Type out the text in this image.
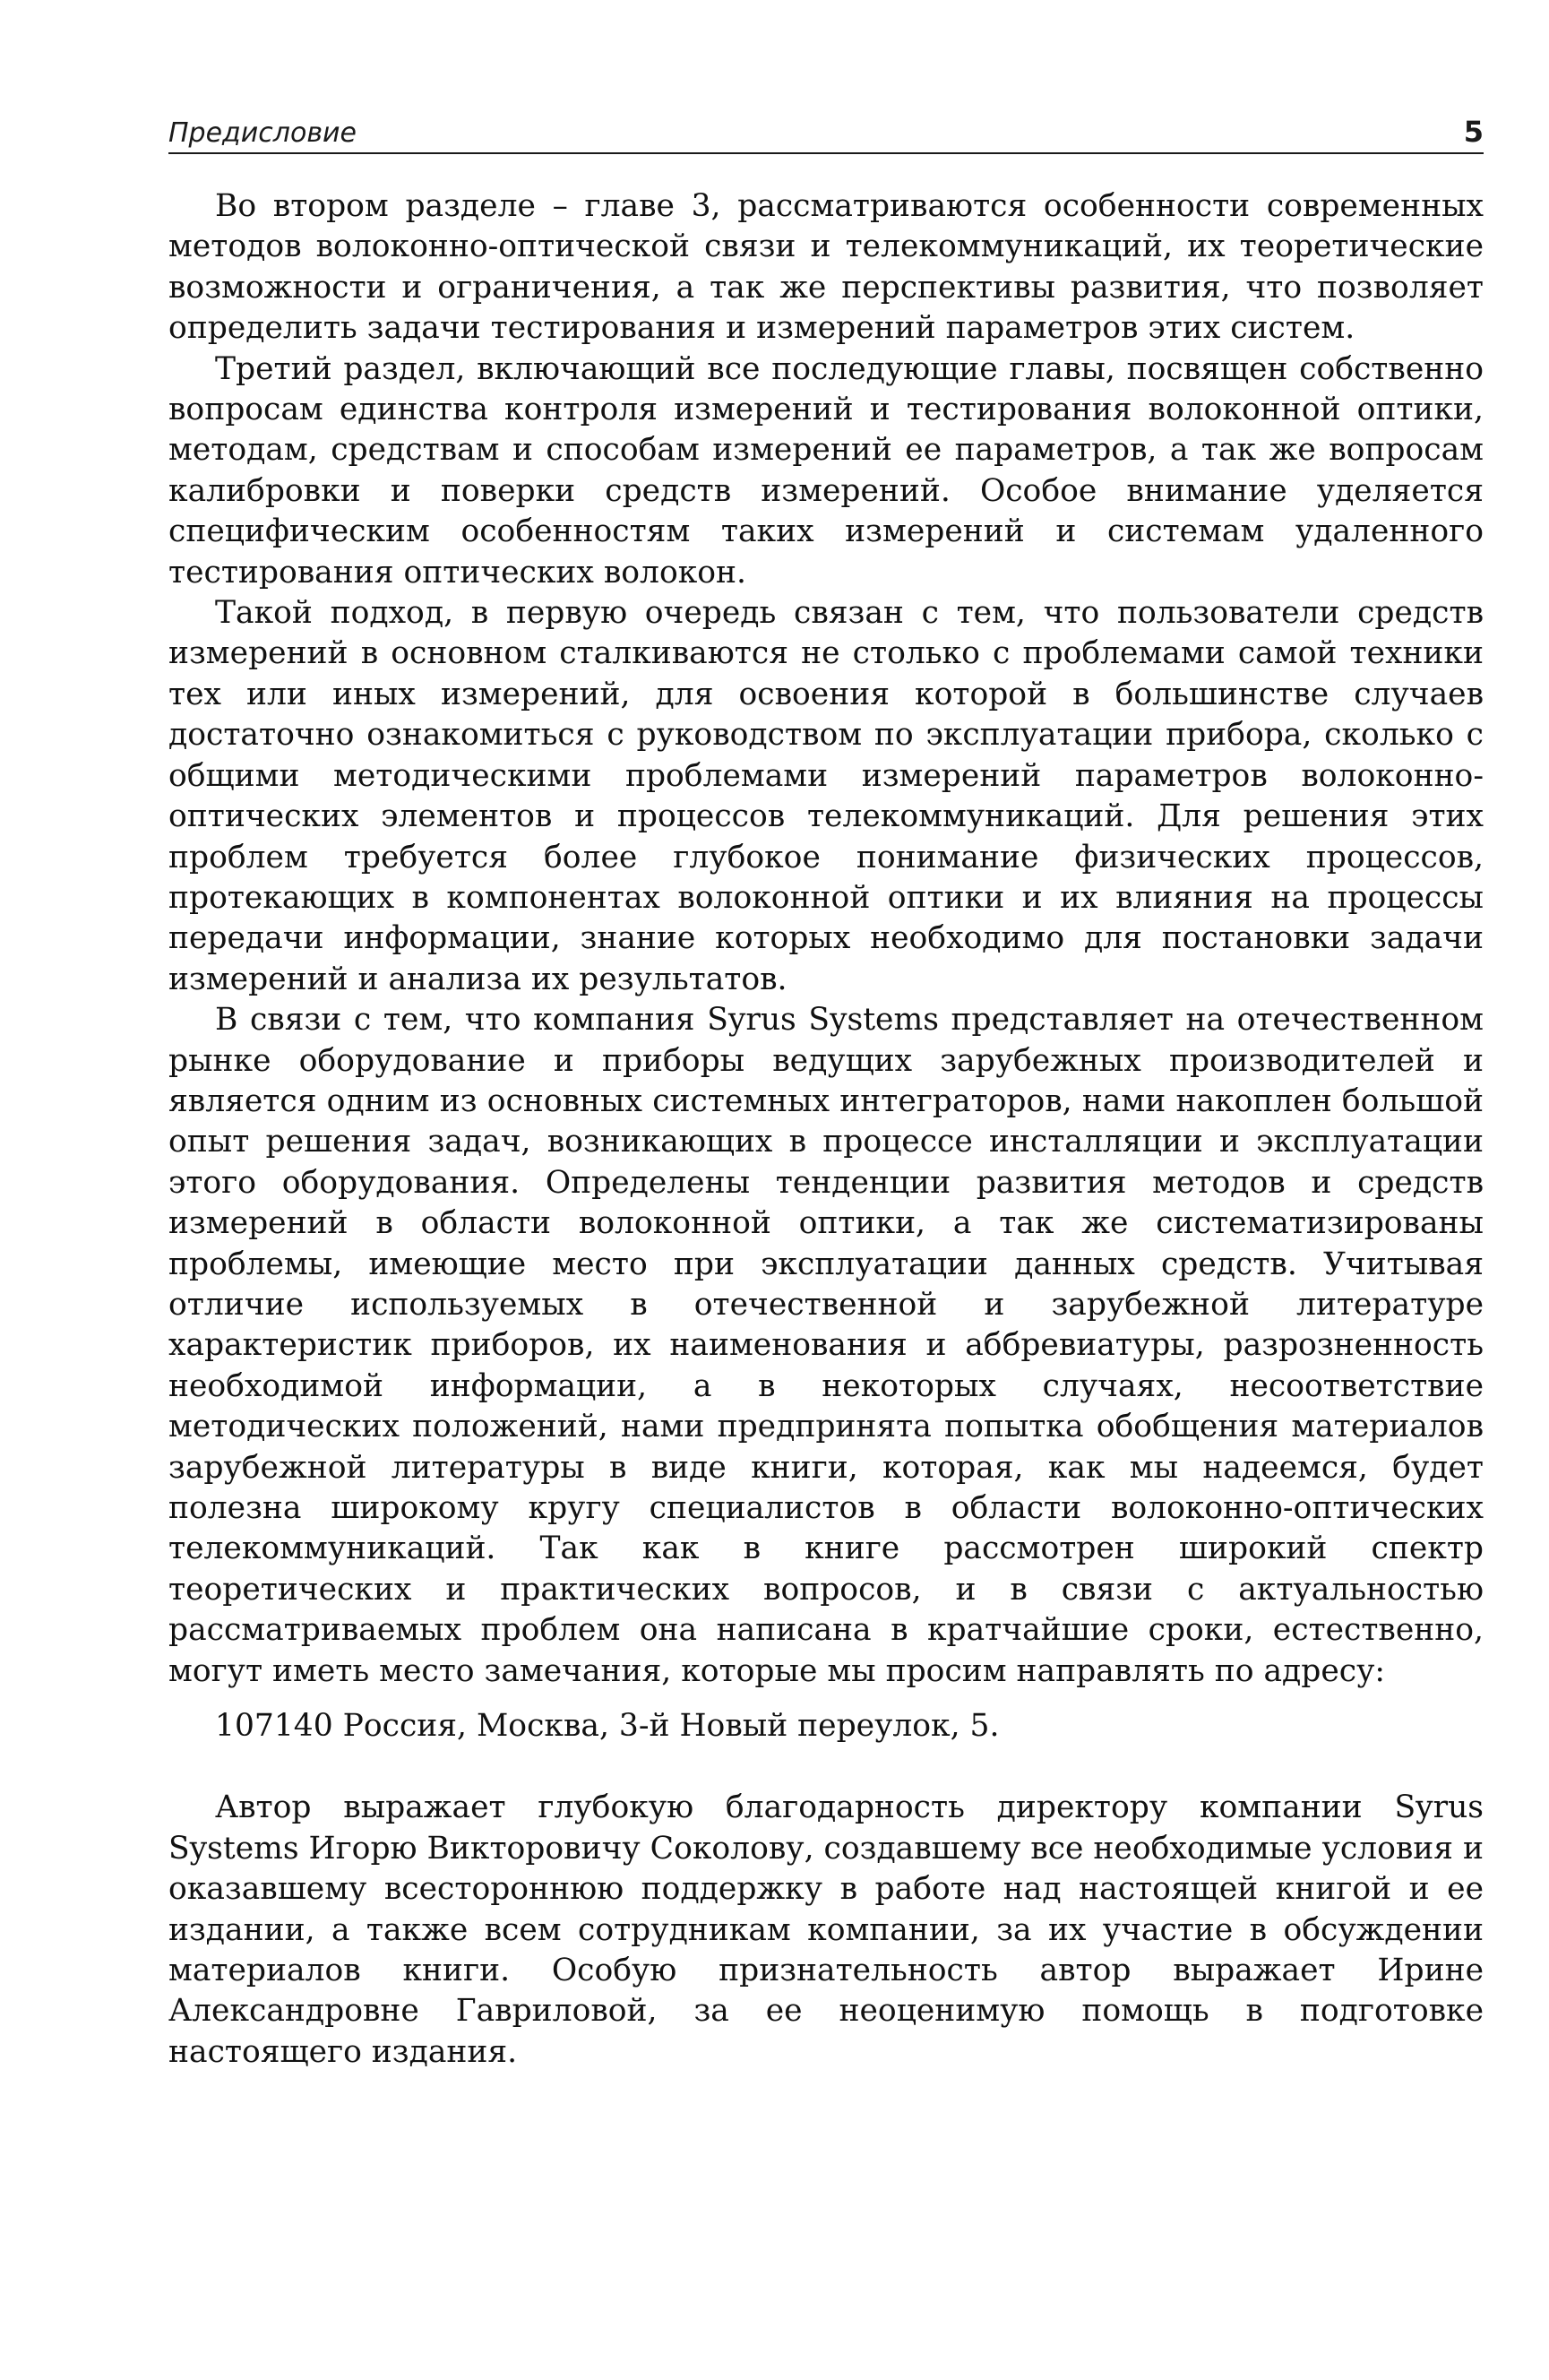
Предисловие	5

Во втором разделе – главе 3, рассматриваются особенности современных методов волоконно-оптической связи и телекоммуникаций, их теоретические возможности и ограничения, а так же перспективы развития, что позволяет определить задачи тестирования и измерений параметров этих систем.

Третий раздел, включающий все последующие главы, посвящен собственно вопросам единства контроля измерений и тестирования волоконной оптики, методам, средствам и способам измерений ее параметров, а так же вопросам калибровки и поверки средств измерений. Особое внимание уделяется специфическим особенностям таких измерений и системам удаленного тестирования оптических волокон.

Такой подход, в первую очередь связан с тем, что пользователи средств измерений в основном сталкиваются не столько с проблемами самой техники тех или иных измерений, для освоения которой в большинстве случаев достаточно ознакомиться с руководством по эксплуатации прибора, сколько с общими методическими проблемами измерений параметров волоконно-оптических элементов и процессов телекоммуникаций. Для решения этих проблем требуется более глубокое понимание физических процессов, протекающих в компонентах волоконной оптики и их влияния на процессы передачи информации, знание которых необходимо для постановки задачи измерений и анализа их результатов.

В связи с тем, что компания Syrus Systems представляет на отечественном рынке оборудование и приборы ведущих зарубежных производителей и является одним из основных системных интеграторов, нами накоплен большой опыт решения задач, возникающих в процессе инсталляции и эксплуатации этого оборудования. Определены тенденции развития методов и средств измерений в области волоконной оптики, а так же систематизированы проблемы, имеющие место при эксплуатации данных средств. Учитывая отличие используемых в отечественной и зарубежной литературе характеристик приборов, их наименования и аббревиатуры, разрозненность необходимой информации, а в некоторых случаях, несоответствие методических положений, нами предпринята попытка обобщения материалов зарубежной литературы в виде книги, которая, как мы надеемся, будет полезна широкому кругу специалистов в области волоконно-оптических телекоммуникаций. Так как в книге рассмотрен широкий спектр теоретических и практических вопросов, и в связи с актуальностью рассматриваемых проблем она написана в кратчайшие сроки, естественно, могут иметь место замечания, которые мы просим направлять по адресу:

107140 Россия, Москва, 3-й Новый переулок, 5.

Автор выражает глубокую благодарность директору компании Syrus Systems Игорю Викторовичу Соколову, создавшему все необходимые условия и оказавшему всестороннюю поддержку в работе над настоящей книгой и ее издании, а также всем сотрудникам компании, за их участие в обсуждении материалов книги. Особую признательность автор выражает Ирине Александровне Гавриловой, за ее неоценимую помощь в подготовке настоящего издания.
